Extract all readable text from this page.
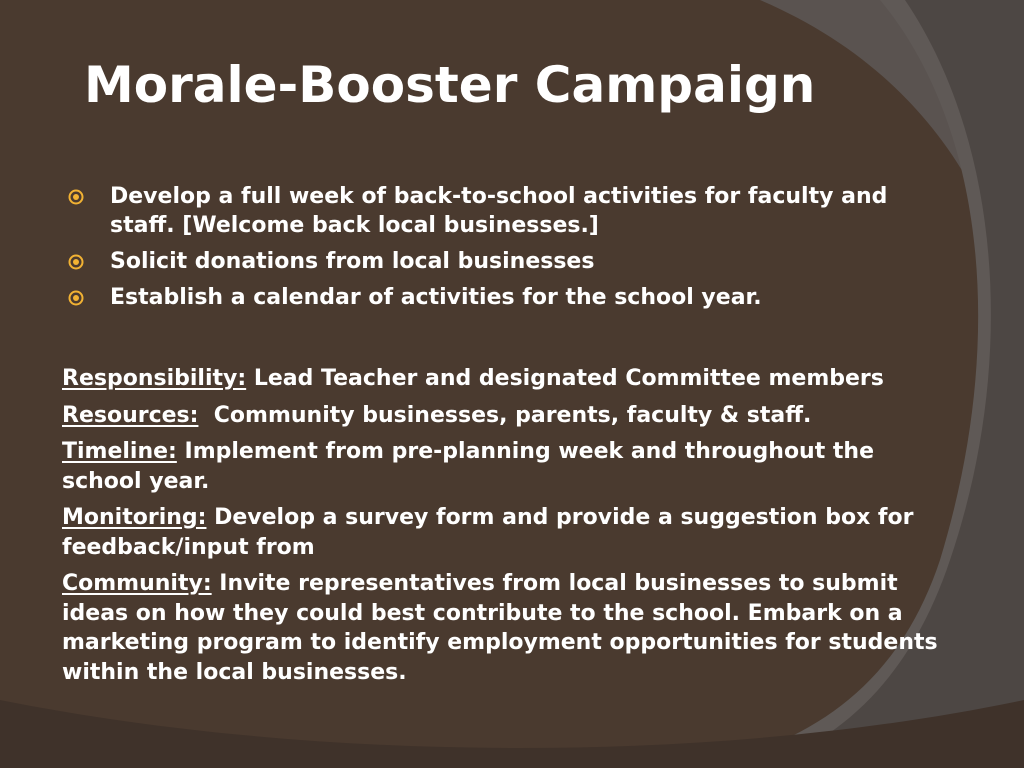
Morale-Booster Campaign
Develop a full week of back-to-school activities for faculty and staff. [Welcome back local businesses.]
Solicit donations from local businesses
Establish a calendar of activities for the school year.
Responsibility: Lead Teacher and designated Committee members
Resources:  Community businesses, parents, faculty & staff.
Timeline: Implement from pre-planning week and throughout the school year.
Monitoring: Develop a survey form and provide a suggestion box for feedback/input from
Community: Invite representatives from local businesses to submit ideas on how they could best contribute to the school. Embark on a marketing program to identify employment opportunities for students within the local businesses.
